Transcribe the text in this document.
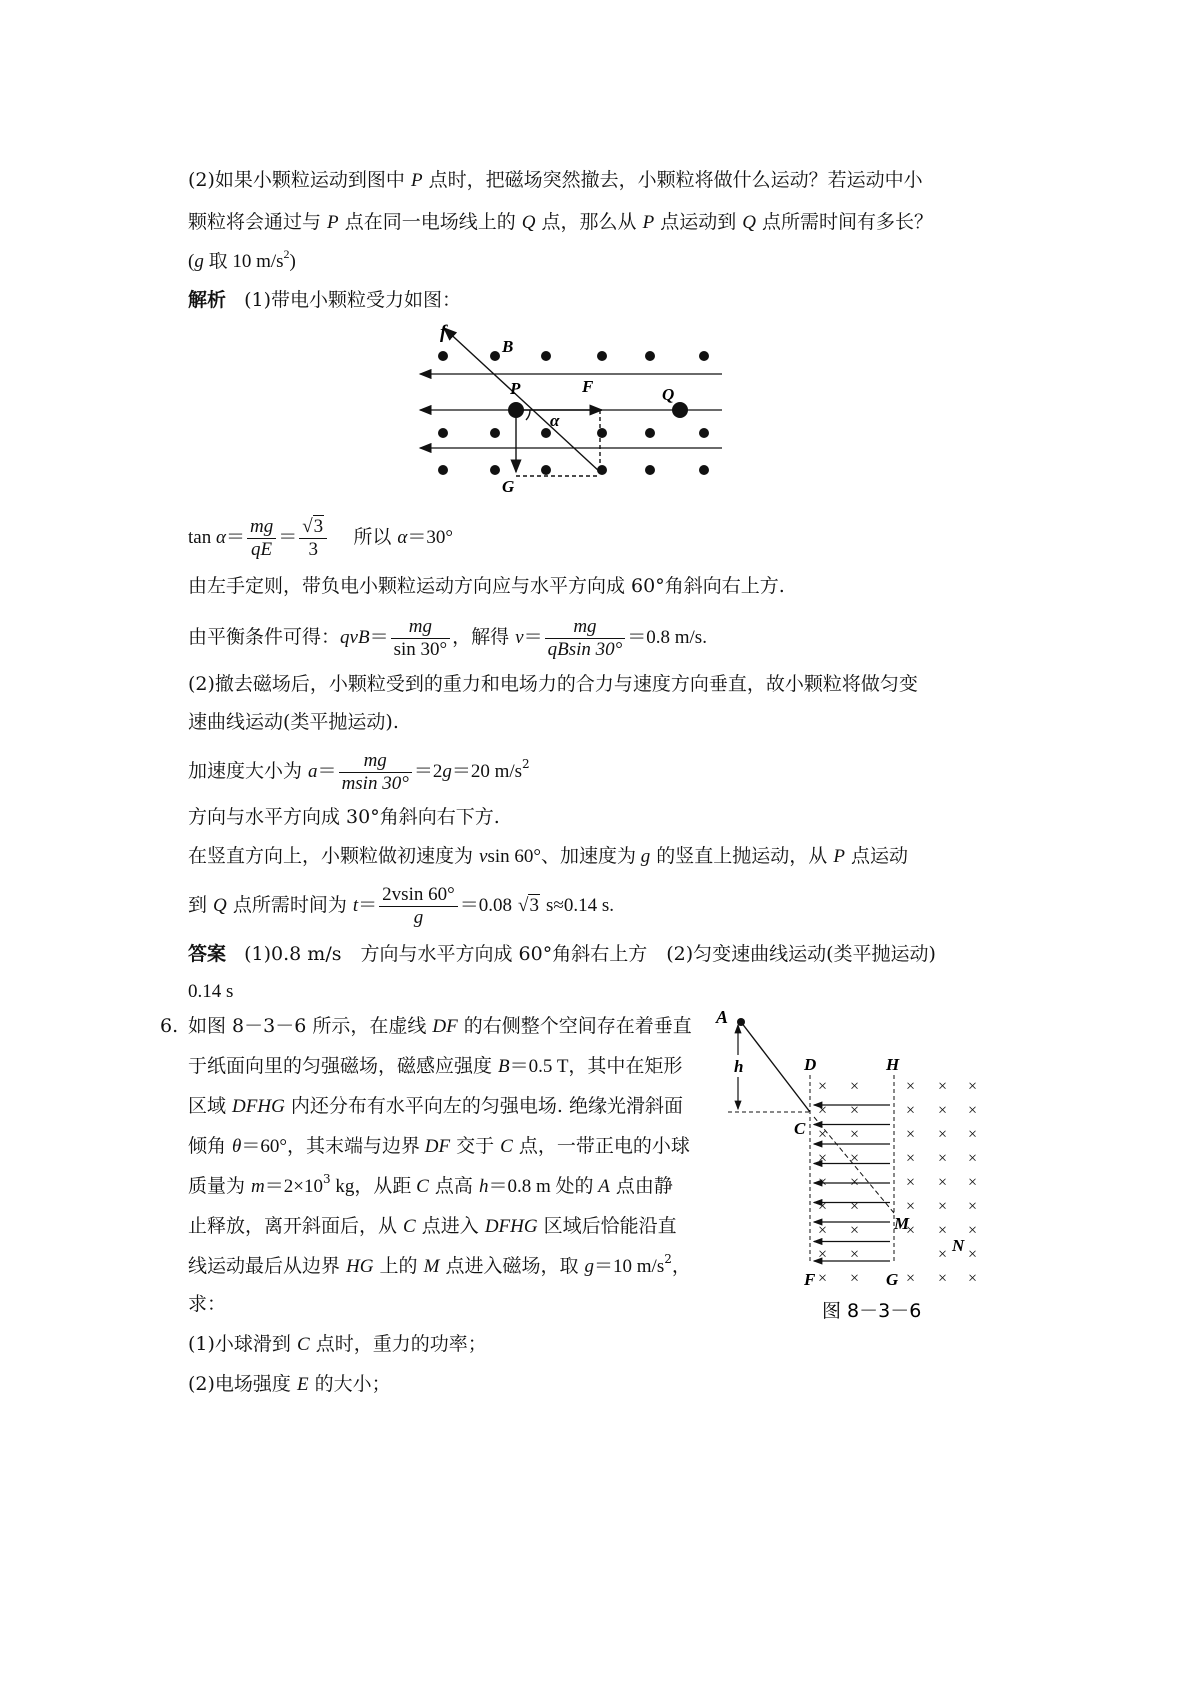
(2)如果小颗粒运动到图中 P 点时，把磁场突然撤去，小颗粒将做什么运动？若运动中小
颗粒将会通过与 P 点在同一电场线上的 Q 点，那么从 P 点运动到 Q 点所需时间有多长？
(g 取 10 $m/s^2$)
解析 (1)带电小颗粒受力如图：
f
B
P	F	Q
α
G
$\tan \alpha= \frac{mg}{qE} = \frac{√3}{3}$ 所以 α＝30°
由左手定则，带负电小颗粒运动方向应与水平方向成 60°角斜向右上方.
由平衡条件可得：$qvB= \frac{mg}{\sin 30^\circ}$ ，解得 $v= \frac{mg}{qBsin 30^\circ} =0.8$ m/s.
(2)撤去磁场后，小颗粒受到的重力和电场力的合力与速度方向垂直，故小颗粒将做匀变
速曲线运动(类平抛运动).
加速度大小为 $a= \frac{mg}{msin 30^\circ} =2g=20$ $m/s^2$
方向与水平方向成 30°角斜向右下方.
在竖直方向上，小颗粒做初速度为 vsin 60°、加速度为 g 的竖直上抛运动，从 P 点运动
到 Q 点所需时间为 $t= \frac{2vsin 60^\circ}{g} =0.08$ √3 s≈0.14 s.
答案 (1)0.8 m/s　方向与水平方向成 60°角斜右上方　(2)匀变速曲线运动(类平抛运动)
0.14 s
6. 如图 8－3－6 所示，在虚线 DF 的右侧整个空间存在着垂直
于纸面向里的匀强磁场，磁感应强度 B＝0.5 T，其中在矩形
区域 DFHG 内还分布有水平向左的匀强电场. 绝缘光滑斜面
倾角 θ＝60°，其末端与边界 DF 交于 C 点，一带正电的小球
质量为 $m=2\times 10^3$ kg，从距 C 点高 h＝0.8 m 处的 A 点由静
止释放，离开斜面后，从 C 点进入 DFHG 区域后恰能沿直
线运动最后从边界 HG 上的 M 点进入磁场，取 g＝10 $m/s^2$，
求：
(1)小球滑到 C 点时，重力的功率；
(2)电场强度 E 的大小；
A
h	D	H
C
M
N
F	G
× ×	× × ×
× ×	× × ×
× ×	× × ×
× ×	× × ×
× ×	× × ×
× ×	× × ×
× ×	× × ×
× ×	× ×
× ×	× × ×
图 8－3－6
